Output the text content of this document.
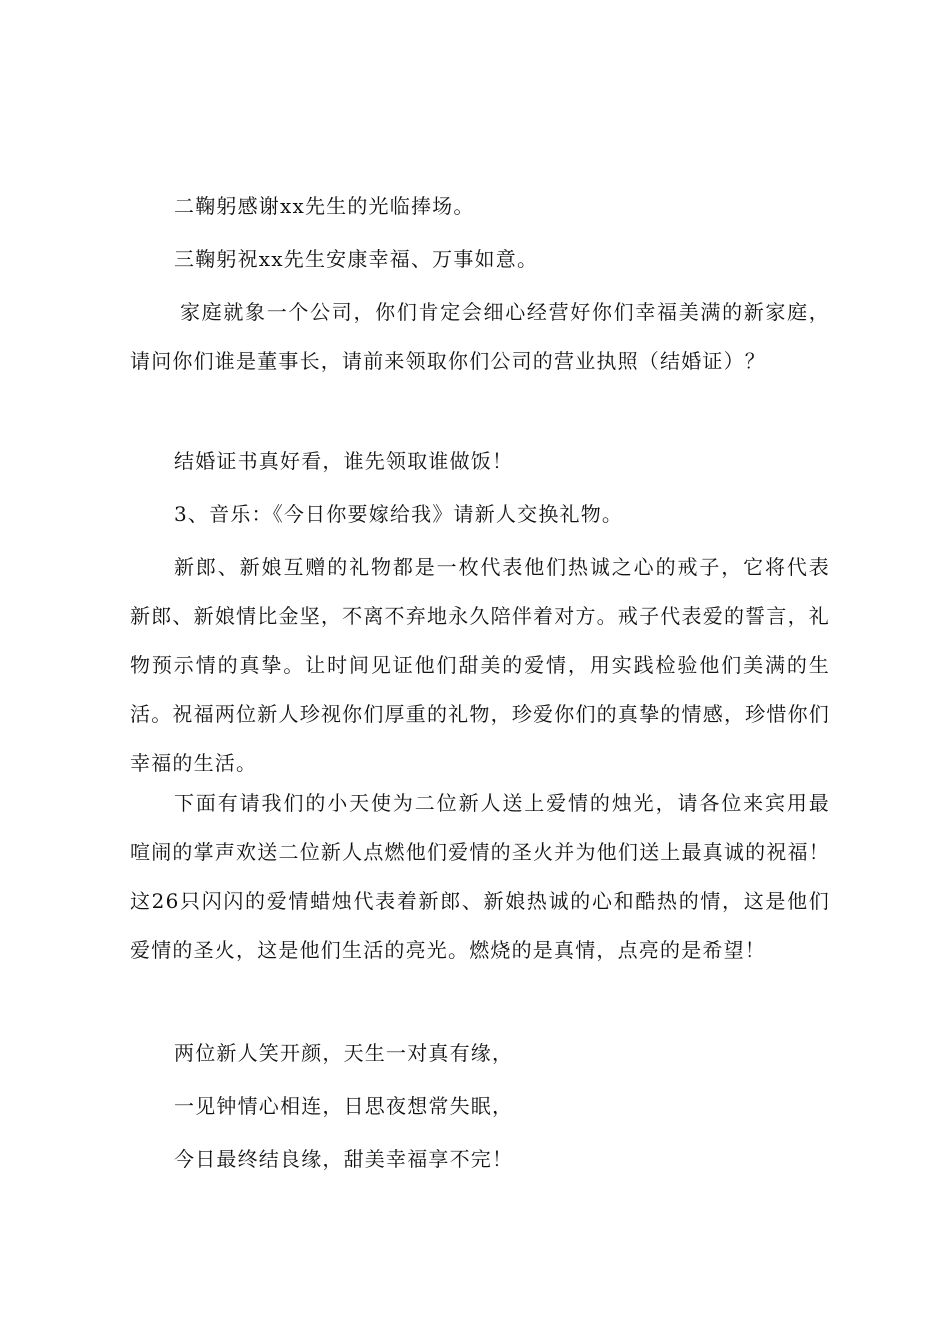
二鞠躬感谢xx先生的光临捧场。

三鞠躬祝xx先生安康幸福、万事如意。

家庭就象一个公司，你们肯定会细心经营好你们幸福美满的新家庭，请问你们谁是董事长，请前来领取你们公司的营业执照（结婚证）？

结婚证书真好看，谁先领取谁做饭！

3、音乐：《今日你要嫁给我》请新人交换礼物。

新郎、新娘互赠的礼物都是一枚代表他们热诚之心的戒子，它将代表新郎、新娘情比金坚，不离不弃地永久陪伴着对方。戒子代表爱的誓言，礼物预示情的真挚。让时间见证他们甜美的爱情，用实践检验他们美满的生活。祝福两位新人珍视你们厚重的礼物，珍爱你们的真挚的情感，珍惜你们幸福的生活。

下面有请我们的小天使为二位新人送上爱情的烛光，请各位来宾用最喧闹的掌声欢送二位新人点燃他们爱情的圣火并为他们送上最真诚的祝福！这26只闪闪的爱情蜡烛代表着新郎、新娘热诚的心和酷热的情，这是他们爱情的圣火，这是他们生活的亮光。燃烧的是真情，点亮的是希望！

两位新人笑开颜，天生一对真有缘，

一见钟情心相连，日思夜想常失眠，

今日最终结良缘，甜美幸福享不完！
